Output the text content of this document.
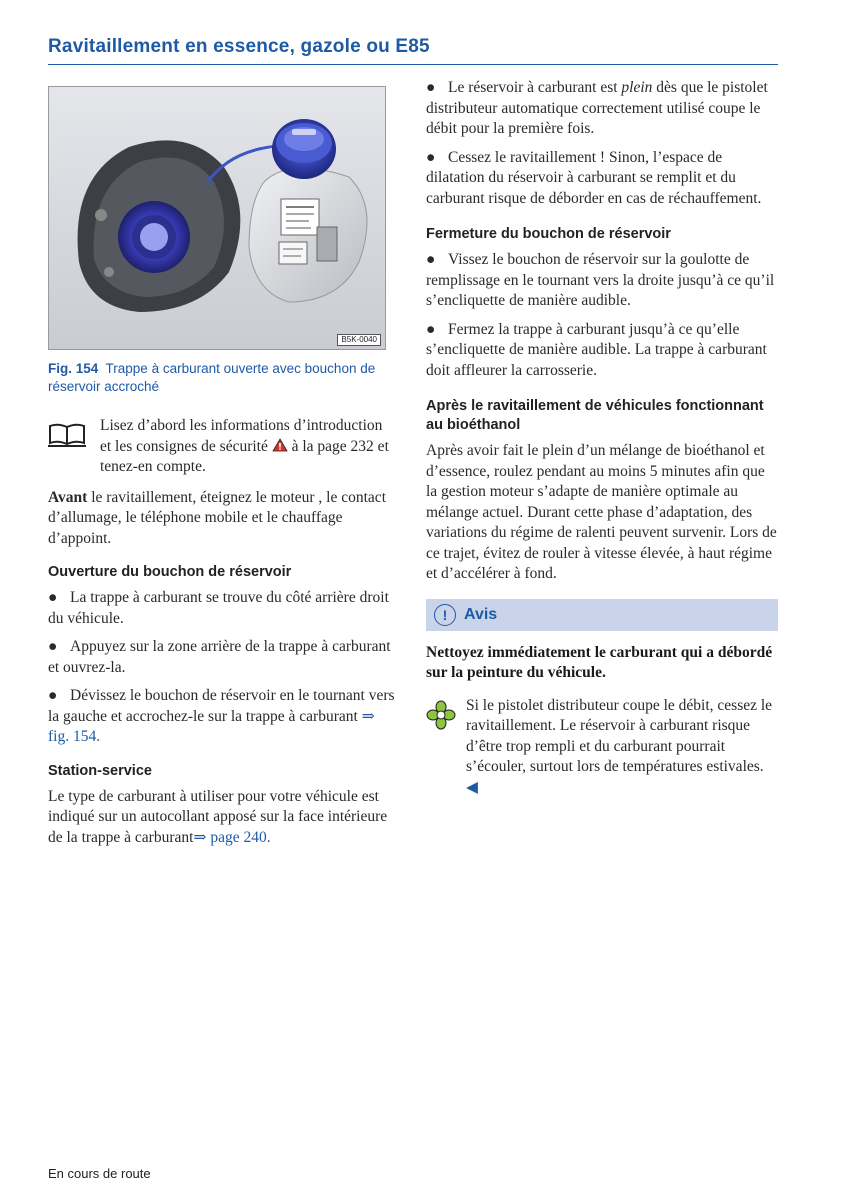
Ravitaillement en essence, gazole ou E85
B5K-0040
Fig. 154 Trappe à carburant ouverte avec bouchon de réservoir accroché
Lisez d’abord les informations d’introduction et les consignes de sécurité à la page 232 et tenez-en compte.

Avant le ravitaillement, éteignez le moteur , le contact d’allumage, le téléphone mobile et le chauffage d’appoint.

Ouverture du bouchon de réservoir
● La trappe à carburant se trouve du côté arrière droit du véhicule.
● Appuyez sur la zone arrière de la trappe à carburant et ouvrez-la.
● Dévissez le bouchon de réservoir en le tournant vers la gauche et accrochez-le sur la trappe à carburant ⇒ fig. 154.
Station-service

Le type de carburant à utiliser pour votre véhicule est indiqué sur un autocollant apposé sur la face intérieure de la trappe à carburant⇒ page 240.

● Le réservoir à carburant est plein dès que le pistolet distributeur automatique correctement utilisé coupe le débit pour la première fois.
● Cessez le ravitaillement ! Sinon, l’espace de dilatation du réservoir à carburant se remplit et du carburant risque de déborder en cas de réchauffement.
Fermeture du bouchon de réservoir
● Vissez le bouchon de réservoir sur la goulotte de remplissage en le tournant vers la droite jusqu’à ce qu’il s’encliquette de manière audible.
● Fermez la trappe à carburant jusqu’à ce qu’elle s’encliquette de manière audible. La trappe à carburant doit affleurer la carrosserie.
Après le ravitaillement de véhicules fonctionnant au bioéthanol

Après avoir fait le plein d’un mélange de bioéthanol et d’essence, roulez pendant au moins 5 minutes afin que la gestion moteur s’adapte de manière optimale au mélange actuel. Durant cette phase d’adaptation, des variations du régime de ralenti peuvent survenir. Lors de ce trajet, évitez de rouler à vitesse élevée, à haut régime et d’accélérer à fond.

!	Avis

Nettoyez immédiatement le carburant qui a débordé sur la peinture du véhicule.

Si le pistolet distributeur coupe le débit, cessez le ravitaillement. Le réservoir à carburant risque d’être trop rempli et du carburant pourrait s’écouler, surtout lors de températures estivales. ◀
En cours de route
